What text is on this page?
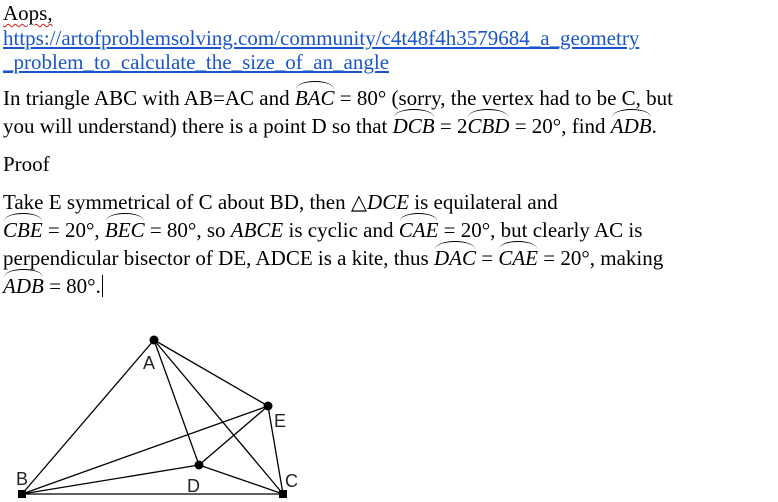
Aops,
https://artofproblemsolving.com/community/c4t48f4h3579684_a_geometry
_problem_to_calculate_the_size_of_an_angle
In triangle ABC with AB=AC and BAC = 80° (sorry, the vertex had to be C, but
you will understand) there is a point D so that DCB = 2CBD = 20°, find ADB.
Proof
Take E symmetrical of C about BD, then △DCE is equilateral and
CBE = 20°, BEC = 80°, so ABCE is cyclic and CAE = 20°, but clearly AC is
perpendicular bisector of DE, ADCE is a kite, thus DAC = CAE = 20°, making
ADB = 80°.
A
E
D
B	C
